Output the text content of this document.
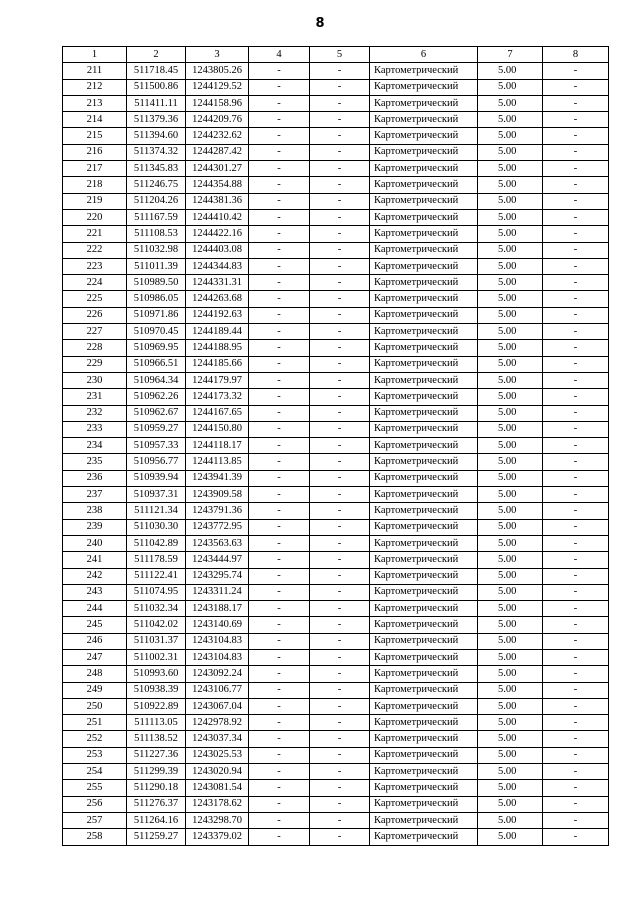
8
1	2	3	4	5	6	7	8
211	511718.45	1243805.26	-	-	Картометрический	5.00	-
212	511500.86	1244129.52	-	-	Картометрический	5.00	-
213	511411.11	1244158.96	-	-	Картометрический	5.00	-
214	511379.36	1244209.76	-	-	Картометрический	5.00	-
215	511394.60	1244232.62	-	-	Картометрический	5.00	-
216	511374.32	1244287.42	-	-	Картометрический	5.00	-
217	511345.83	1244301.27	-	-	Картометрический	5.00	-
218	511246.75	1244354.88	-	-	Картометрический	5.00	-
219	511204.26	1244381.36	-	-	Картометрический	5.00	-
220	511167.59	1244410.42	-	-	Картометрический	5.00	-
221	511108.53	1244422.16	-	-	Картометрический	5.00	-
222	511032.98	1244403.08	-	-	Картометрический	5.00	-
223	511011.39	1244344.83	-	-	Картометрический	5.00	-
224	510989.50	1244331.31	-	-	Картометрический	5.00	-
225	510986.05	1244263.68	-	-	Картометрический	5.00	-
226	510971.86	1244192.63	-	-	Картометрический	5.00	-
227	510970.45	1244189.44	-	-	Картометрический	5.00	-
228	510969.95	1244188.95	-	-	Картометрический	5.00	-
229	510966.51	1244185.66	-	-	Картометрический	5.00	-
230	510964.34	1244179.97	-	-	Картометрический	5.00	-
231	510962.26	1244173.32	-	-	Картометрический	5.00	-
232	510962.67	1244167.65	-	-	Картометрический	5.00	-
233	510959.27	1244150.80	-	-	Картометрический	5.00	-
234	510957.33	1244118.17	-	-	Картометрический	5.00	-
235	510956.77	1244113.85	-	-	Картометрический	5.00	-
236	510939.94	1243941.39	-	-	Картометрический	5.00	-
237	510937.31	1243909.58	-	-	Картометрический	5.00	-
238	511121.34	1243791.36	-	-	Картометрический	5.00	-
239	511030.30	1243772.95	-	-	Картометрический	5.00	-
240	511042.89	1243563.63	-	-	Картометрический	5.00	-
241	511178.59	1243444.97	-	-	Картометрический	5.00	-
242	511122.41	1243295.74	-	-	Картометрический	5.00	-
243	511074.95	1243311.24	-	-	Картометрический	5.00	-
244	511032.34	1243188.17	-	-	Картометрический	5.00	-
245	511042.02	1243140.69	-	-	Картометрический	5.00	-
246	511031.37	1243104.83	-	-	Картометрический	5.00	-
247	511002.31	1243104.83	-	-	Картометрический	5.00	-
248	510993.60	1243092.24	-	-	Картометрический	5.00	-
249	510938.39	1243106.77	-	-	Картометрический	5.00	-
250	510922.89	1243067.04	-	-	Картометрический	5.00	-
251	511113.05	1242978.92	-	-	Картометрический	5.00	-
252	511138.52	1243037.34	-	-	Картометрический	5.00	-
253	511227.36	1243025.53	-	-	Картометрический	5.00	-
254	511299.39	1243020.94	-	-	Картометрический	5.00	-
255	511290.18	1243081.54	-	-	Картометрический	5.00	-
256	511276.37	1243178.62	-	-	Картометрический	5.00	-
257	511264.16	1243298.70	-	-	Картометрический	5.00	-
258	511259.27	1243379.02	-	-	Картометрический	5.00	-
